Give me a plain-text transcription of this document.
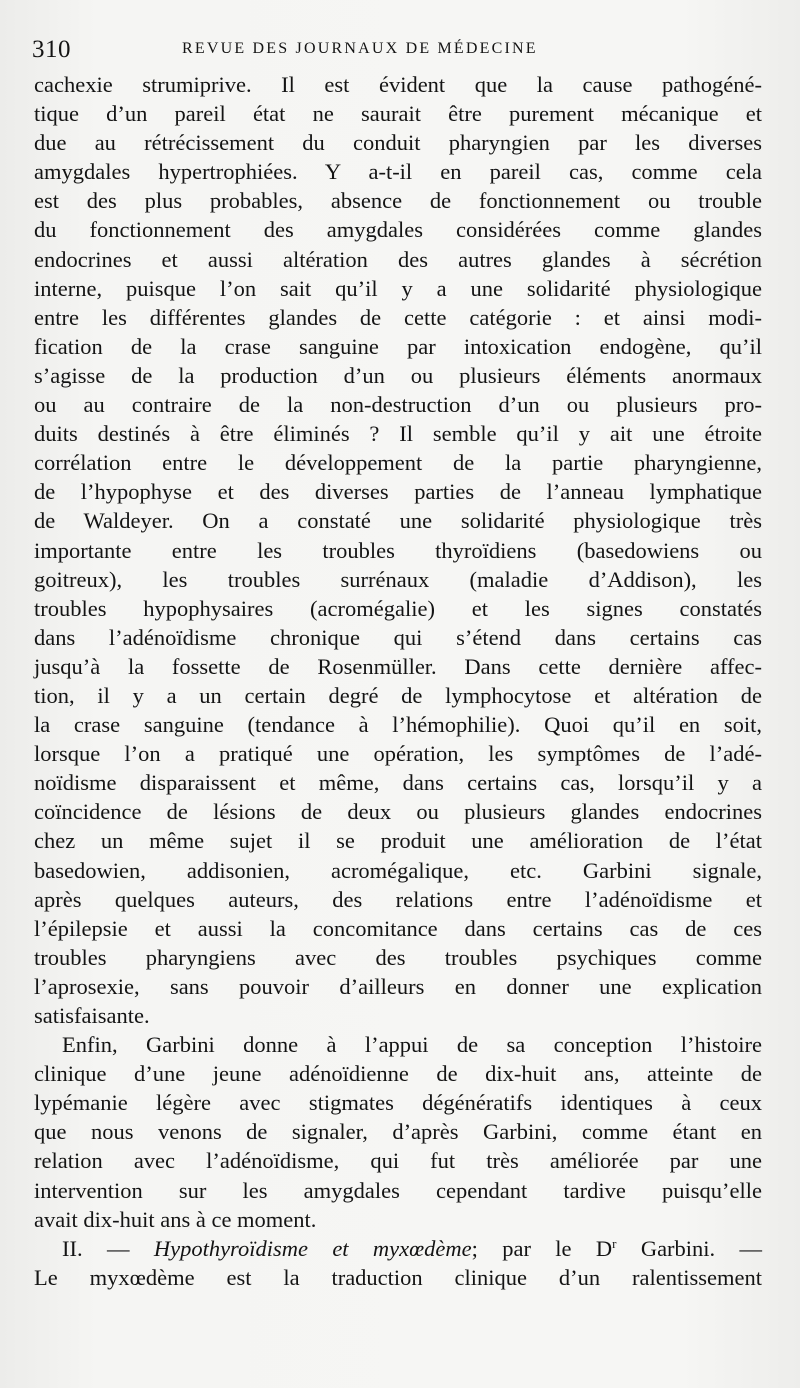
310	REVUE DES JOURNAUX DE MÉDECINE
cachexie strumiprive. Il est évident que la cause pathogéné-
tique d’un pareil état ne saurait être purement mécanique et
due au rétrécissement du conduit pharyngien par les diverses
amygdales hypertrophiées. Y a-t-il en pareil cas, comme cela
est des plus probables, absence de fonctionnement ou trouble
du fonctionnement des amygdales considérées comme glandes
endocrines et aussi altération des autres glandes à sécrétion
interne, puisque l’on sait qu’il y a une solidarité physiologique
entre les différentes glandes de cette catégorie : et ainsi modi-
fication de la crase sanguine par intoxication endogène, qu’il
s’agisse de la production d’un ou plusieurs éléments anormaux
ou au contraire de la non-destruction d’un ou plusieurs pro-
duits destinés à être éliminés ? Il semble qu’il y ait une étroite
corrélation entre le développement de la partie pharyngienne,
de l’hypophyse et des diverses parties de l’anneau lymphatique
de Waldeyer. On a constaté une solidarité physiologique très
importante entre les troubles thyroïdiens (basedowiens ou
goitreux), les troubles surrénaux (maladie d’Addison), les
troubles hypophysaires (acromégalie) et les signes constatés
dans l’adénoïdisme chronique qui s’étend dans certains cas
jusqu’à la fossette de Rosenmüller. Dans cette dernière affec-
tion, il y a un certain degré de lymphocytose et altération de
la crase sanguine (tendance à l’hémophilie). Quoi qu’il en soit,
lorsque l’on a pratiqué une opération, les symptômes de l’adé-
noïdisme disparaissent et même, dans certains cas, lorsqu’il y a
coïncidence de lésions de deux ou plusieurs glandes endocrines
chez un même sujet il se produit une amélioration de l’état
basedowien, addisonien, acromégalique, etc. Garbini signale,
après quelques auteurs, des relations entre l’adénoïdisme et
l’épilepsie et aussi la concomitance dans certains cas de ces
troubles pharyngiens avec des troubles psychiques comme
l’aprosexie, sans pouvoir d’ailleurs en donner une explication
satisfaisante.
Enfin, Garbini donne à l’appui de sa conception l’histoire
clinique d’une jeune adénoïdienne de dix-huit ans, atteinte de
lypémanie légère avec stigmates dégénératifs identiques à ceux
que nous venons de signaler, d’après Garbini, comme étant en
relation avec l’adénoïdisme, qui fut très améliorée par une
intervention sur les amygdales cependant tardive puisqu’elle
avait dix-huit ans à ce moment.
II. — Hypothyroïdisme et myxœdème; par le $D^r$ Garbini. —
Le myxœdème est la traduction clinique d’un ralentissement
